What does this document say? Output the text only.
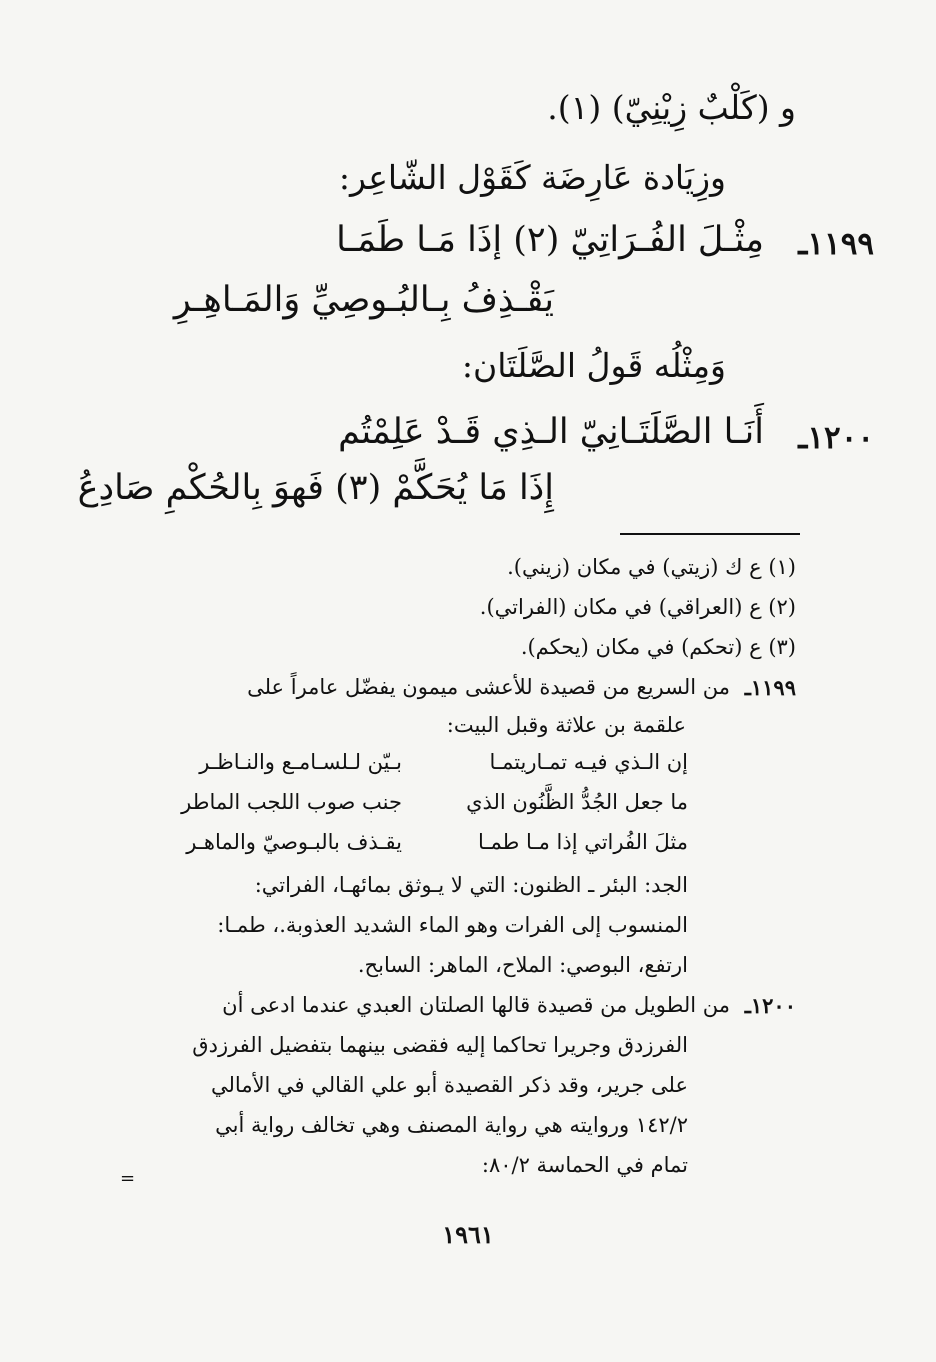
و (كَلْبٌ زِيْنِيّ) (١).
وزِيَادة عَارِضَة كَقَوْل الشّاعِر:
١١٩٩ـ
مِثْـلَ الفُـرَاتِيّ (٢) إذَا مَـا طَمَـا
يَقْـذِفُ بِـالبُـوصِيِّ وَالمَـاهِـرِ
وَمِثْلُه قَولُ الصَّلَتَان:
١٢٠٠ـ
أَنَـا الصَّلَتَـانِيّ الـذِي قَـدْ عَلِمْتُم
إِذَا مَا يُحَكَّمْ (٣) فَهوَ بِالحُكْمِ صَادِعُ
(١) ع ك (زيتي) في مكان (زيني).
(٢) ع (العراقي) في مكان (الفراتي).
(٣) ع (تحكم) في مكان (يحكم).
١١٩٩ـ
من السريع من قصيدة للأعشى ميمون يفضّل عامراً على
علقمة بن علاثة وقبل البيت:
إن الـذي فيـه تمـاريتمـا
بـيّن لـلسـامـع والنـاظـر
ما جعل الجُدُّ الظَّنُون الذي
جنب صوب اللجب الماطر
مثلَ الفُراتي إذا مـا طمـا
يقـذف بالبـوصيّ والماهـر
الجد: البئر ـ الظنون: التي لا يـوثق بمائهـا، الفراتي:
المنسوب إلى الفرات وهو الماء الشديد العذوبة.، طمـا:
ارتفع، البوصي: الملاح، الماهر: السابح.
١٢٠٠ـ
من الطويل من قصيدة قالها الصلتان العبدي عندما ادعى أن
الفرزدق وجريرا تحاكما إليه فقضى بينهما بتفضيل الفرزدق
على جرير، وقد ذكر القصيدة أبو علي القالي في الأمالي
١٤٢/٢ وروايته هي رواية المصنف وهي تخالف رواية أبي
تمام في الحماسة ٨٠/٢:
=
١٩٦١
